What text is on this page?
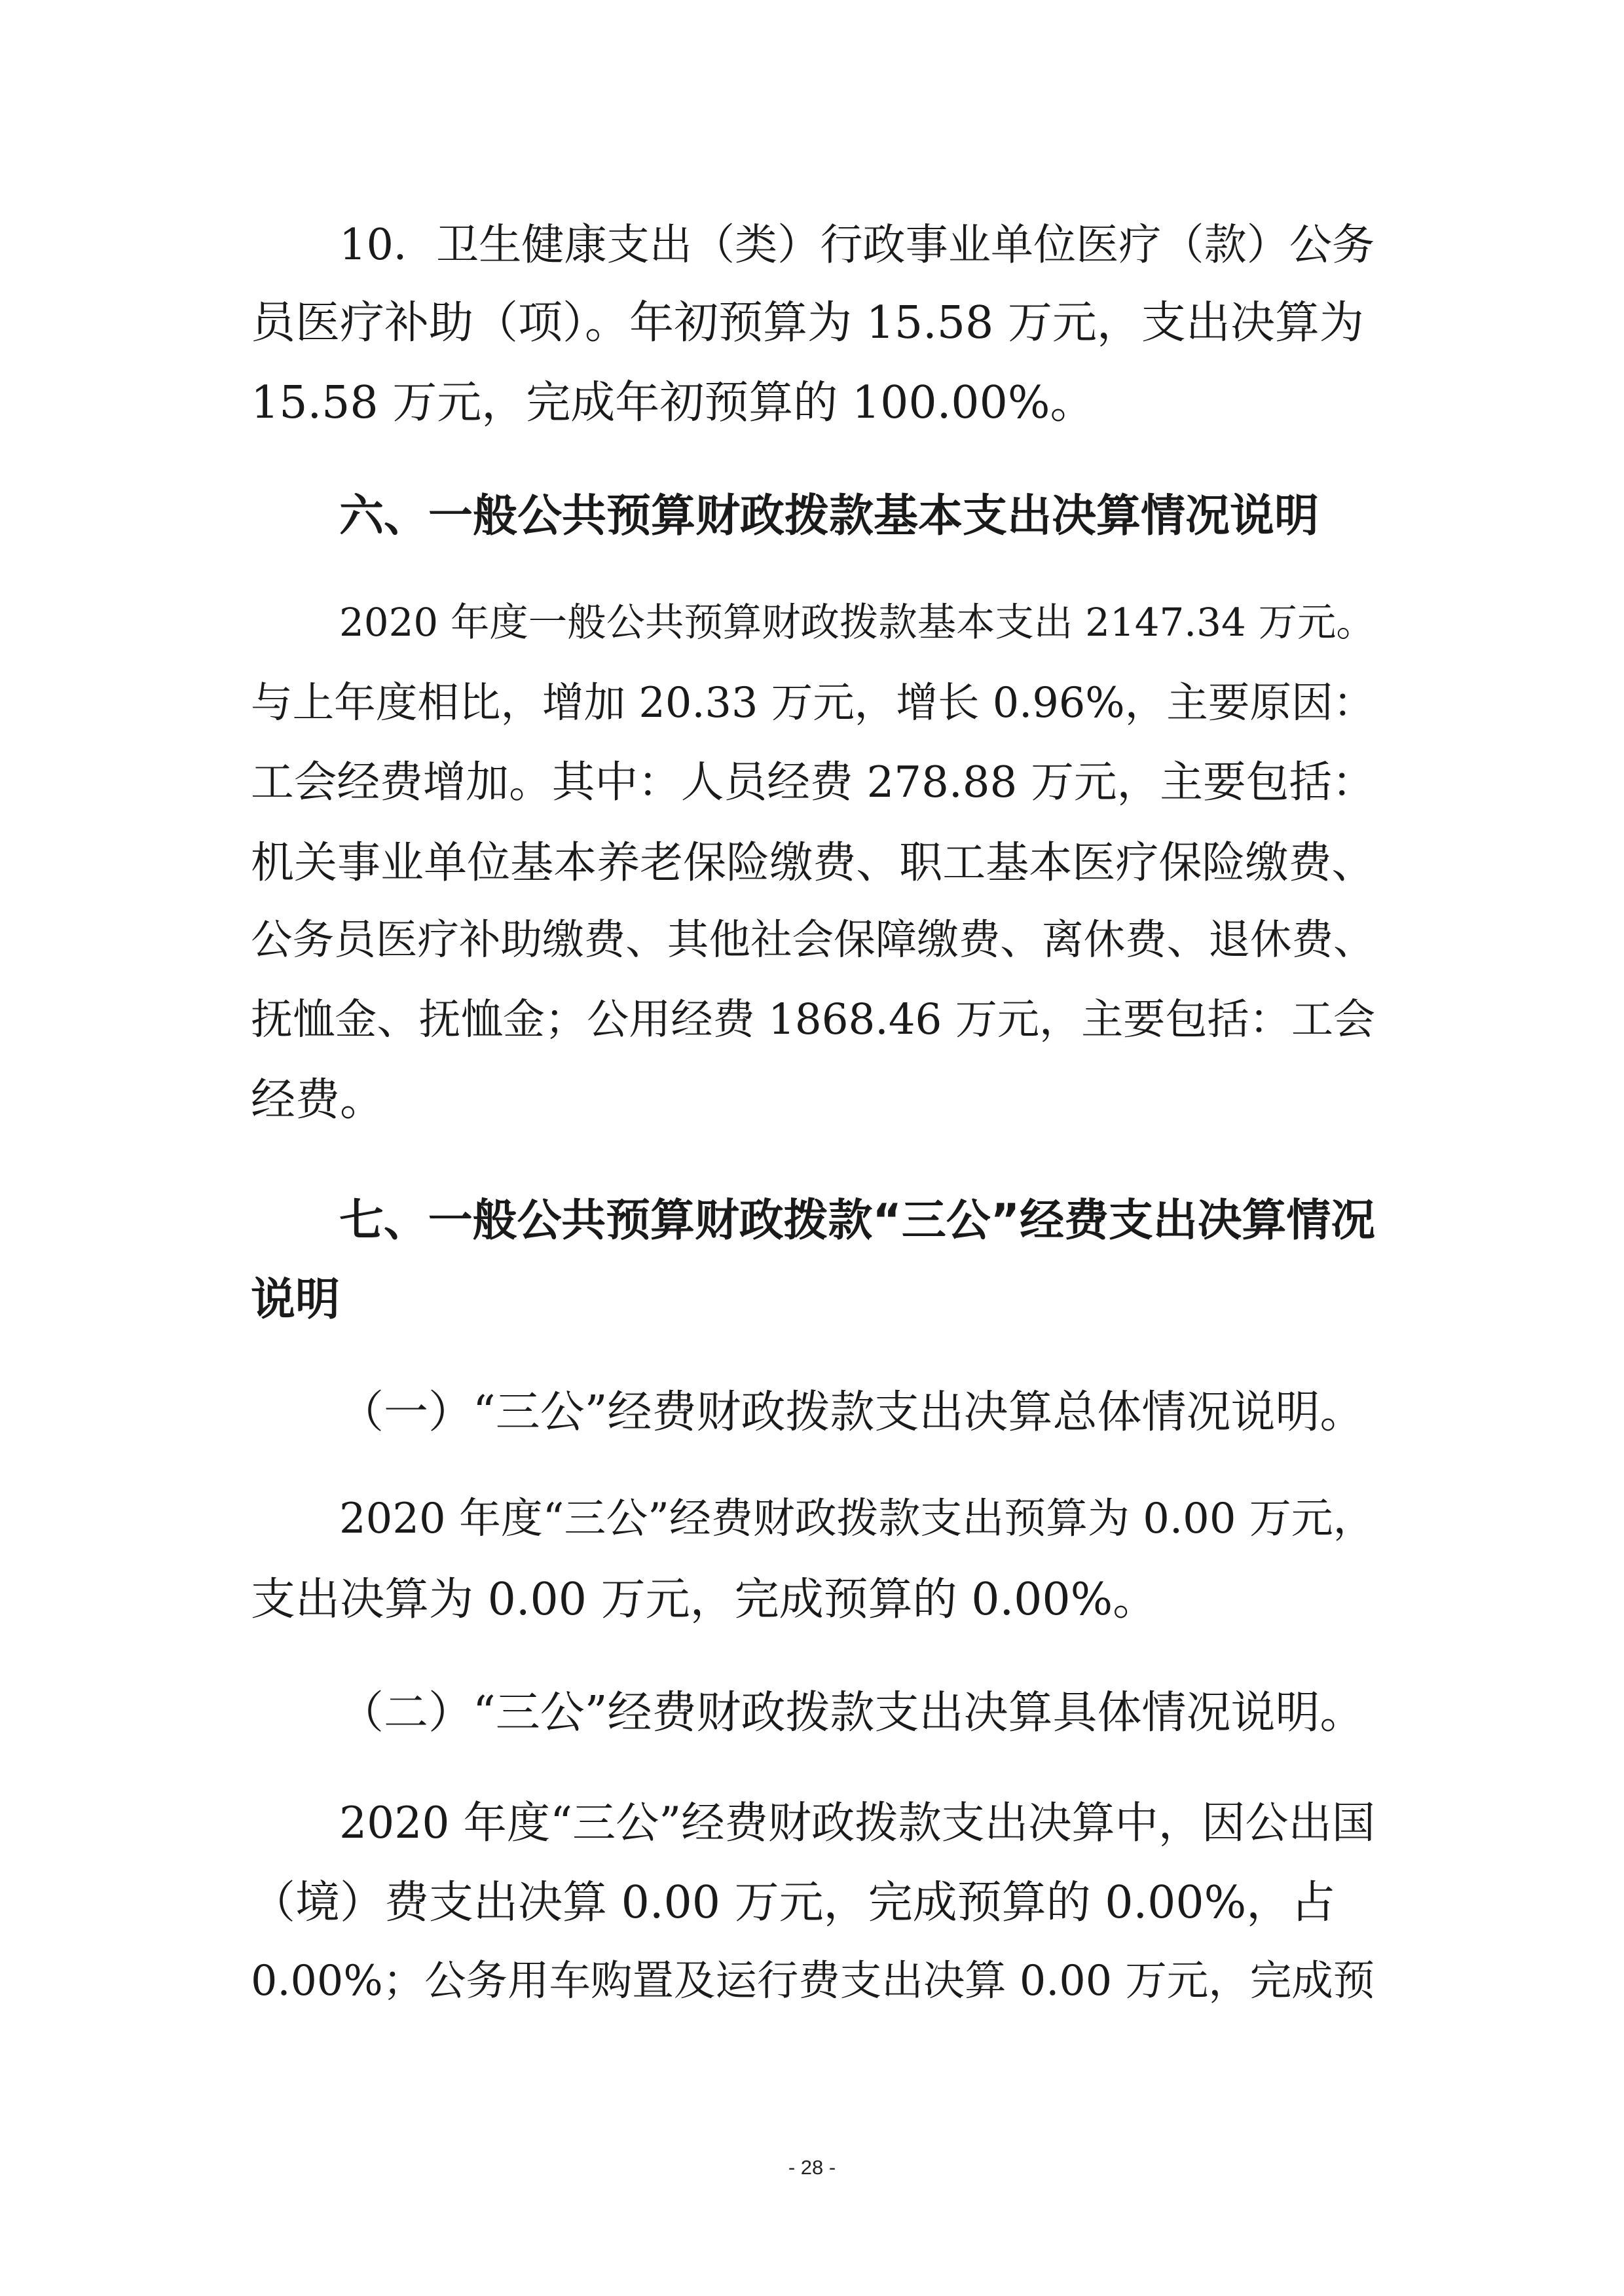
10．卫生健康支出（类）行政事业单位医疗（款）公务

员医疗补助（项）。年初预算为 15.58 万元，支出决算为

15.58 万元，完成年初预算的 100.00%。

六、一般公共预算财政拨款基本支出决算情况说明

2020 年度一般公共预算财政拨款基本支出 2147.34 万元。

与上年度相比，增加 20.33 万元，增长 0.96%，主要原因：

工会经费增加。其中：人员经费 278.88 万元，主要包括：

机关事业单位基本养老保险缴费、职工基本医疗保险缴费、

公务员医疗补助缴费、其他社会保障缴费、离休费、退休费、

抚恤金、抚恤金；公用经费 1868.46 万元，主要包括：工会

经费。

七、一般公共预算财政拨款“三公”经费支出决算情况
说明

（一）“三公”经费财政拨款支出决算总体情况说明。

2020 年度“三公”经费财政拨款支出预算为 0.00 万元，

支出决算为 0.00 万元，完成预算的 0.00%。

（二）“三公”经费财政拨款支出决算具体情况说明。

2020 年度“三公”经费财政拨款支出决算中，因公出国

（境）费支出决算 0.00 万元，完成预算的 0.00%，占

0.00%；公务用车购置及运行费支出决算 0.00 万元，完成预

- 28 -
